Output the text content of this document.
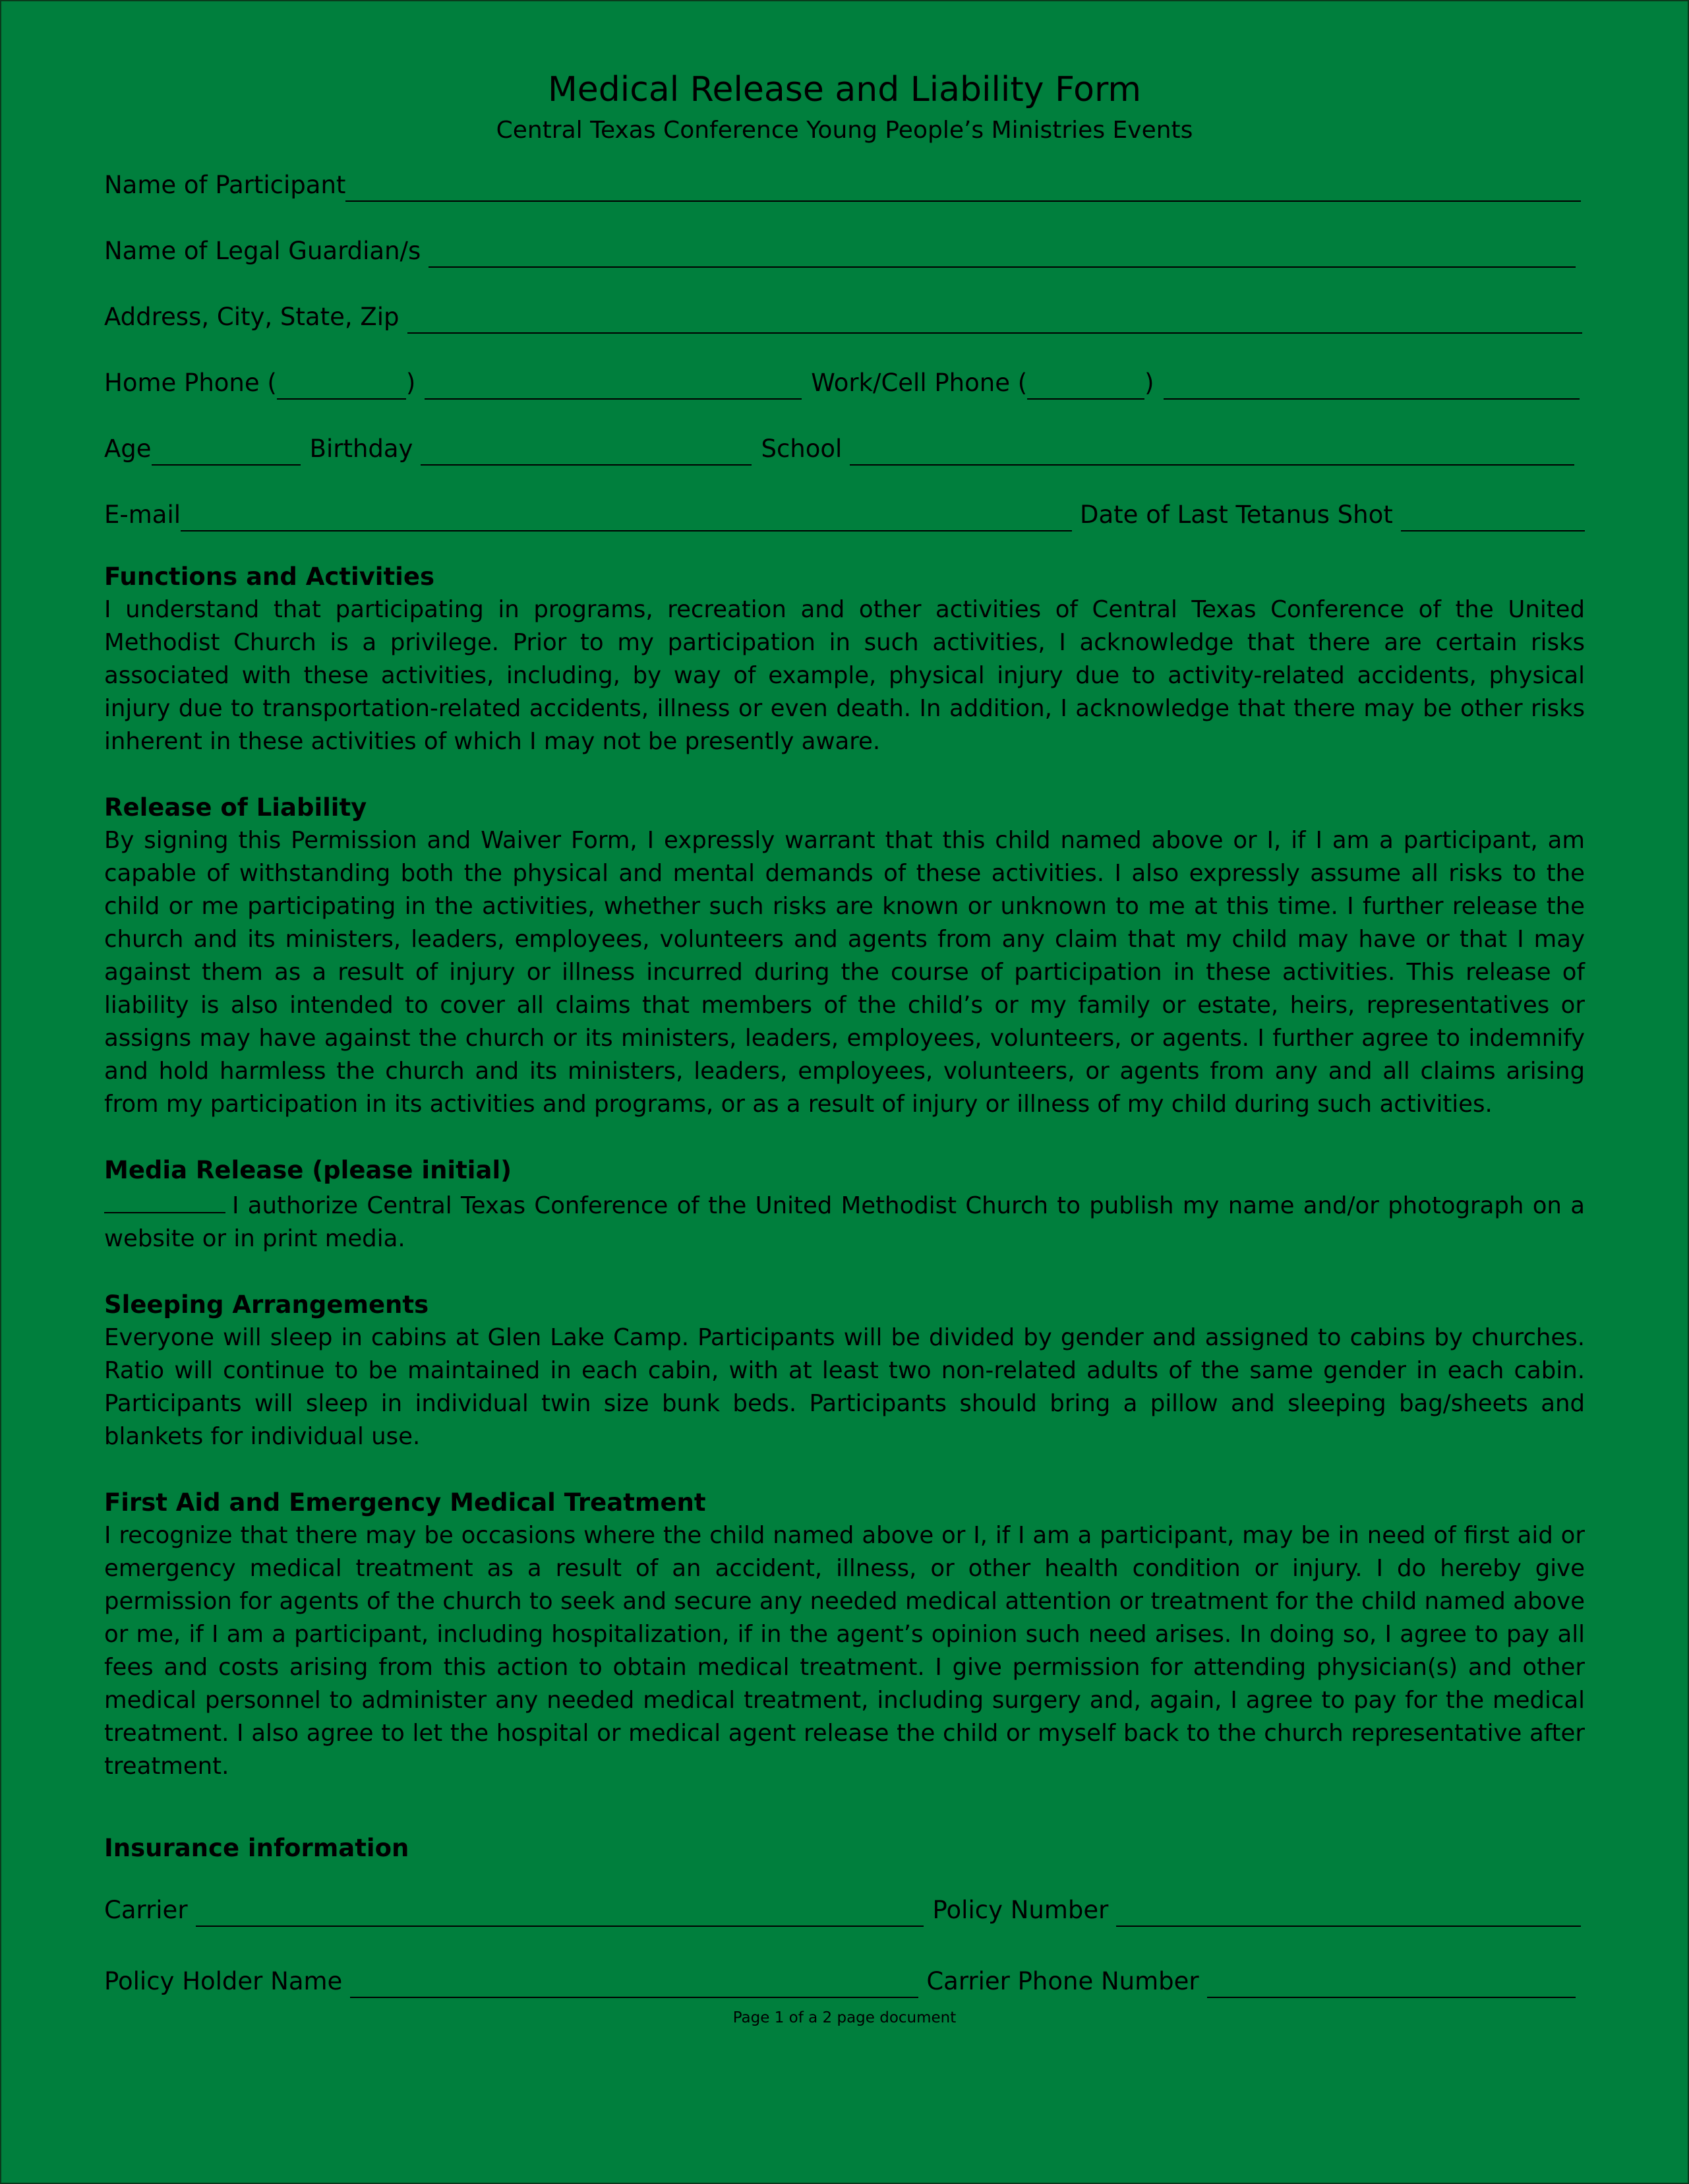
Medical Release and Liability Form
Central Texas Conference Young People’s Ministries Events
Name of Participant
Name of Legal Guardian/s
Address, City, State, Zip
Home Phone (	)	Work/Cell Phone (	)
Age	Birthday	School
E-mail	Date of Last Tetanus Shot
Functions and Activities

I understand that participating in programs, recreation and other activities of Central Texas Conference of the United Methodist Church is a privilege. Prior to my participation in such activities, I acknowledge that there are certain risks associated with these activities, including, by way of example, physical injury due to activity-related accidents, physical injury due to transportation-related accidents, illness or even death. In addition, I acknowledge that there may be other risks inherent in these activities of which I may not be presently aware.

Release of Liability

By signing this Permission and Waiver Form, I expressly warrant that this child named above or I, if I am a participant, am capable of withstanding both the physical and mental demands of these activities. I also expressly assume all risks to the child or me participating in the activities, whether such risks are known or unknown to me at this time. I further release the church and its ministers, leaders, employees, volunteers and agents from any claim that my child may have or that I may against them as a result of injury or illness incurred during the course of participation in these activities. This release of liability is also intended to cover all claims that members of the child’s or my family or estate, heirs, representatives or assigns may have against the church or its ministers, leaders, employees, volunteers, or agents. I further agree to indemnify and hold harmless the church and its ministers, leaders, employees, volunteers, or agents from any and all claims arising from my participation in its activities and programs, or as a result of injury or illness of my child during such activities.

Media Release (please initial)

I authorize Central Texas Conference of the United Methodist Church to publish my name and/or photograph on a website or in print media.

Sleeping Arrangements

Everyone will sleep in cabins at Glen Lake Camp. Participants will be divided by gender and assigned to cabins by churches. Ratio will continue to be maintained in each cabin, with at least two non-related adults of the same gender in each cabin. Participants will sleep in individual twin size bunk beds. Participants should bring a pillow and sleeping bag/sheets and blankets for individual use.

First Aid and Emergency Medical Treatment

I recognize that there may be occasions where the child named above or I, if I am a participant, may be in need of first aid or emergency medical treatment as a result of an accident, illness, or other health condition or injury. I do hereby give permission for agents of the church to seek and secure any needed medical attention or treatment for the child named above or me, if I am a participant, including hospitalization, if in the agent’s opinion such need arises. In doing so, I agree to pay all fees and costs arising from this action to obtain medical treatment. I give permission for attending physician(s) and other medical personnel to administer any needed medical treatment, including surgery and, again, I agree to pay for the medical treatment. I also agree to let the hospital or medical agent release the child or myself back to the church representative after treatment.

Insurance information
Carrier	Policy Number
Policy Holder Name	Carrier Phone Number
Page 1 of a 2 page document
